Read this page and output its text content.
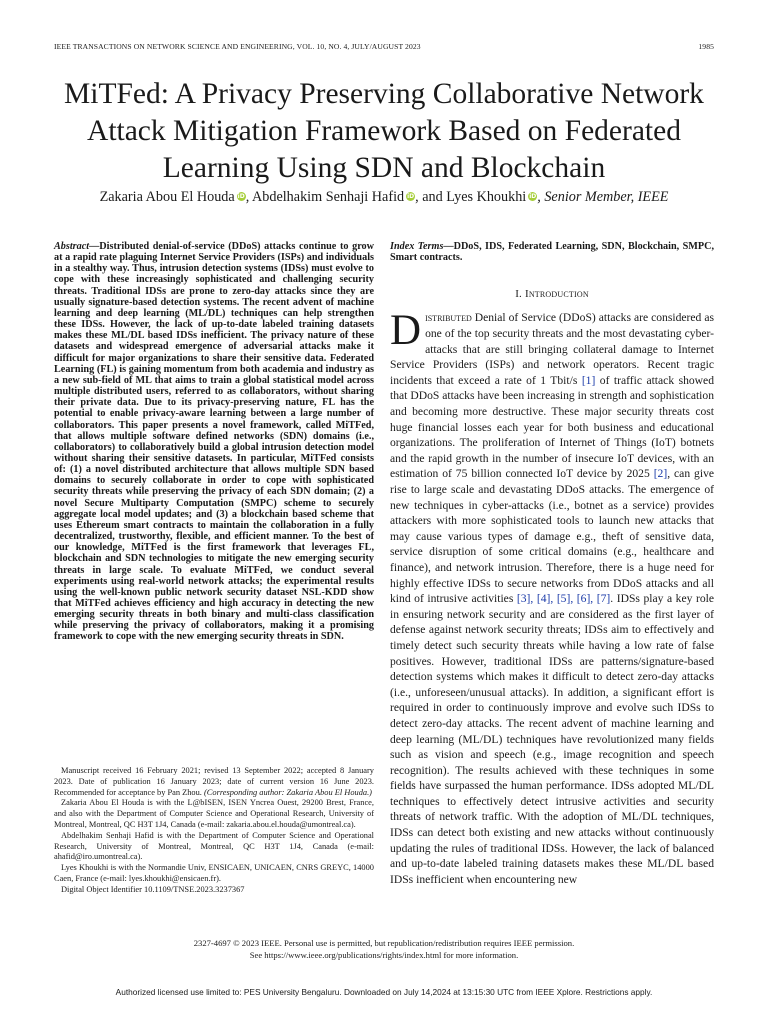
IEEE TRANSACTIONS ON NETWORK SCIENCE AND ENGINEERING, VOL. 10, NO. 4, JULY/AUGUST 2023	1985
MiTFed: A Privacy Preserving Collaborative Network Attack Mitigation Framework Based on Federated Learning Using SDN and Blockchain
Zakaria Abou El Houda iD, Abdelhakim Senhaji Hafid iD, and Lyes Khoukhi iD, Senior Member, IEEE
Abstract—Distributed denial-of-service (DDoS) attacks continue to grow at a rapid rate plaguing Internet Service Providers (ISPs) and individuals in a stealthy way. Thus, intrusion detection systems (IDSs) must evolve to cope with these increasingly sophisticated and challenging security threats. Traditional IDSs are prone to zero-day attacks since they are usually signature-based detection systems. The recent advent of machine learning and deep learning (ML/DL) techniques can help strengthen these IDSs. However, the lack of up-to-date labeled training datasets makes these ML/DL based IDSs inefficient. The privacy nature of these datasets and widespread emergence of adversarial attacks make it difficult for major organizations to share their sensitive data. Federated Learning (FL) is gaining momentum from both academia and industry as a new sub-field of ML that aims to train a global statistical model across multiple distributed users, referred to as collaborators, without sharing their private data. Due to its privacy-preserving nature, FL has the potential to enable privacy-aware learning between a large number of collaborators. This paper presents a novel framework, called MiTFed, that allows multiple software defined networks (SDN) domains (i.e., collaborators) to collaboratively build a global intrusion detection model without sharing their sensitive datasets. In particular, MiTFed consists of: (1) a novel distributed architecture that allows multiple SDN based domains to securely collaborate in order to cope with sophisticated security threats while preserving the privacy of each SDN domain; (2) a novel Secure Multiparty Computation (SMPC) scheme to securely aggregate local model updates; and (3) a blockchain based scheme that uses Ethereum smart contracts to maintain the collaboration in a fully decentralized, trustworthy, flexible, and efficient manner. To the best of our knowledge, MiTFed is the first framework that leverages FL, blockchain and SDN technologies to mitigate the new emerging security threats in large scale. To evaluate MiTFed, we conduct several experiments using real-world network attacks; the experimental results using the well-known public network security dataset NSL-KDD show that MiTFed achieves efficiency and high accuracy in detecting the new emerging security threats in both binary and multi-class classification while preserving the privacy of collaborators, making it a promising framework to cope with the new emerging security threats in SDN.

Manuscript received 16 February 2021; revised 13 September 2022; accepted 8 January 2023. Date of publication 16 January 2023; date of current version 16 June 2023. Recommended for acceptance by Pan Zhou. (Corresponding author: Zakaria Abou El Houda.)

Zakaria Abou El Houda is with the L@bISEN, ISEN Yncrea Ouest, 29200 Brest, France, and also with the Department of Computer Science and Operational Research, University of Montreal, Montreal, QC H3T 1J4, Canada (e-mail: zakaria.abou.el.houda@umontreal.ca).

Abdelhakim Senhaji Hafid is with the Department of Computer Science and Operational Research, University of Montreal, Montreal, QC H3T 1J4, Canada (e-mail: ahafid@iro.umontreal.ca).

Lyes Khoukhi is with the Normandie Univ, ENSICAEN, UNICAEN, CNRS GREYC, 14000 Caen, France (e-mail: lyes.khoukhi@ensicaen.fr).

Digital Object Identifier 10.1109/TNSE.2023.3237367

Index Terms—DDoS, IDS, Federated Learning, SDN, Blockchain, SMPC, Smart contracts.
I. Introduction
Distributed Denial of Service (DDoS) attacks are considered as one of the top security threats and the most devastating cyber-attacks that are still bringing collateral damage to Internet Service Providers (ISPs) and network operators. Recent tragic incidents that exceed a rate of 1 Tbit/s [1] of traffic attack showed that DDoS attacks have been increasing in strength and sophistication and becoming more destructive. These major security threats cost huge financial losses each year for both business and educational organizations. The proliferation of Internet of Things (IoT) botnets and the rapid growth in the number of insecure IoT devices, with an estimation of 75 billion connected IoT device by 2025 [2], can give rise to large scale and devastating DDoS attacks. The emergence of new techniques in cyber-attacks (i.e., botnet as a service) provides attackers with more sophisticated tools to launch new attacks that may cause various types of damage e.g., theft of sensitive data, service disruption of some critical domains (e.g., healthcare and finance), and network intrusion. Therefore, there is a huge need for highly effective IDSs to secure networks from DDoS attacks and all kind of intrusive activities [3], [4], [5], [6], [7]. IDSs play a key role in ensuring network security and are considered as the first layer of defense against network security threats; IDSs aim to effectively and timely detect such security threats while having a low rate of false positives. However, traditional IDSs are patterns/signature-based detection systems which makes it difficult to detect zero-day attacks (i.e., unforeseen/unusual attacks). In addition, a significant effort is required in order to continuously improve and evolve such IDSs to detect zero-day attacks. The recent advent of machine learning and deep learning (ML/DL) techniques have revolutionized many fields such as vision and speech (e.g., image recognition and speech recognition). The results achieved with these techniques in some fields have surpassed the human performance. IDSs adopted ML/DL techniques to effectively detect intrusive activities and security threats of network traffic. With the adoption of ML/DL techniques, IDSs can detect both existing and new attacks without continuously updating the rules of traditional IDSs. However, the lack of balanced and up-to-date labeled training datasets makes these ML/DL based IDSs inefficient when encountering new
2327-4697 © 2023 IEEE. Personal use is permitted, but republication/redistribution requires IEEE permission.
See https://www.ieee.org/publications/rights/index.html for more information.
Authorized licensed use limited to: PES University Bengaluru. Downloaded on July 14,2024 at 13:15:30 UTC from IEEE Xplore. Restrictions apply.
